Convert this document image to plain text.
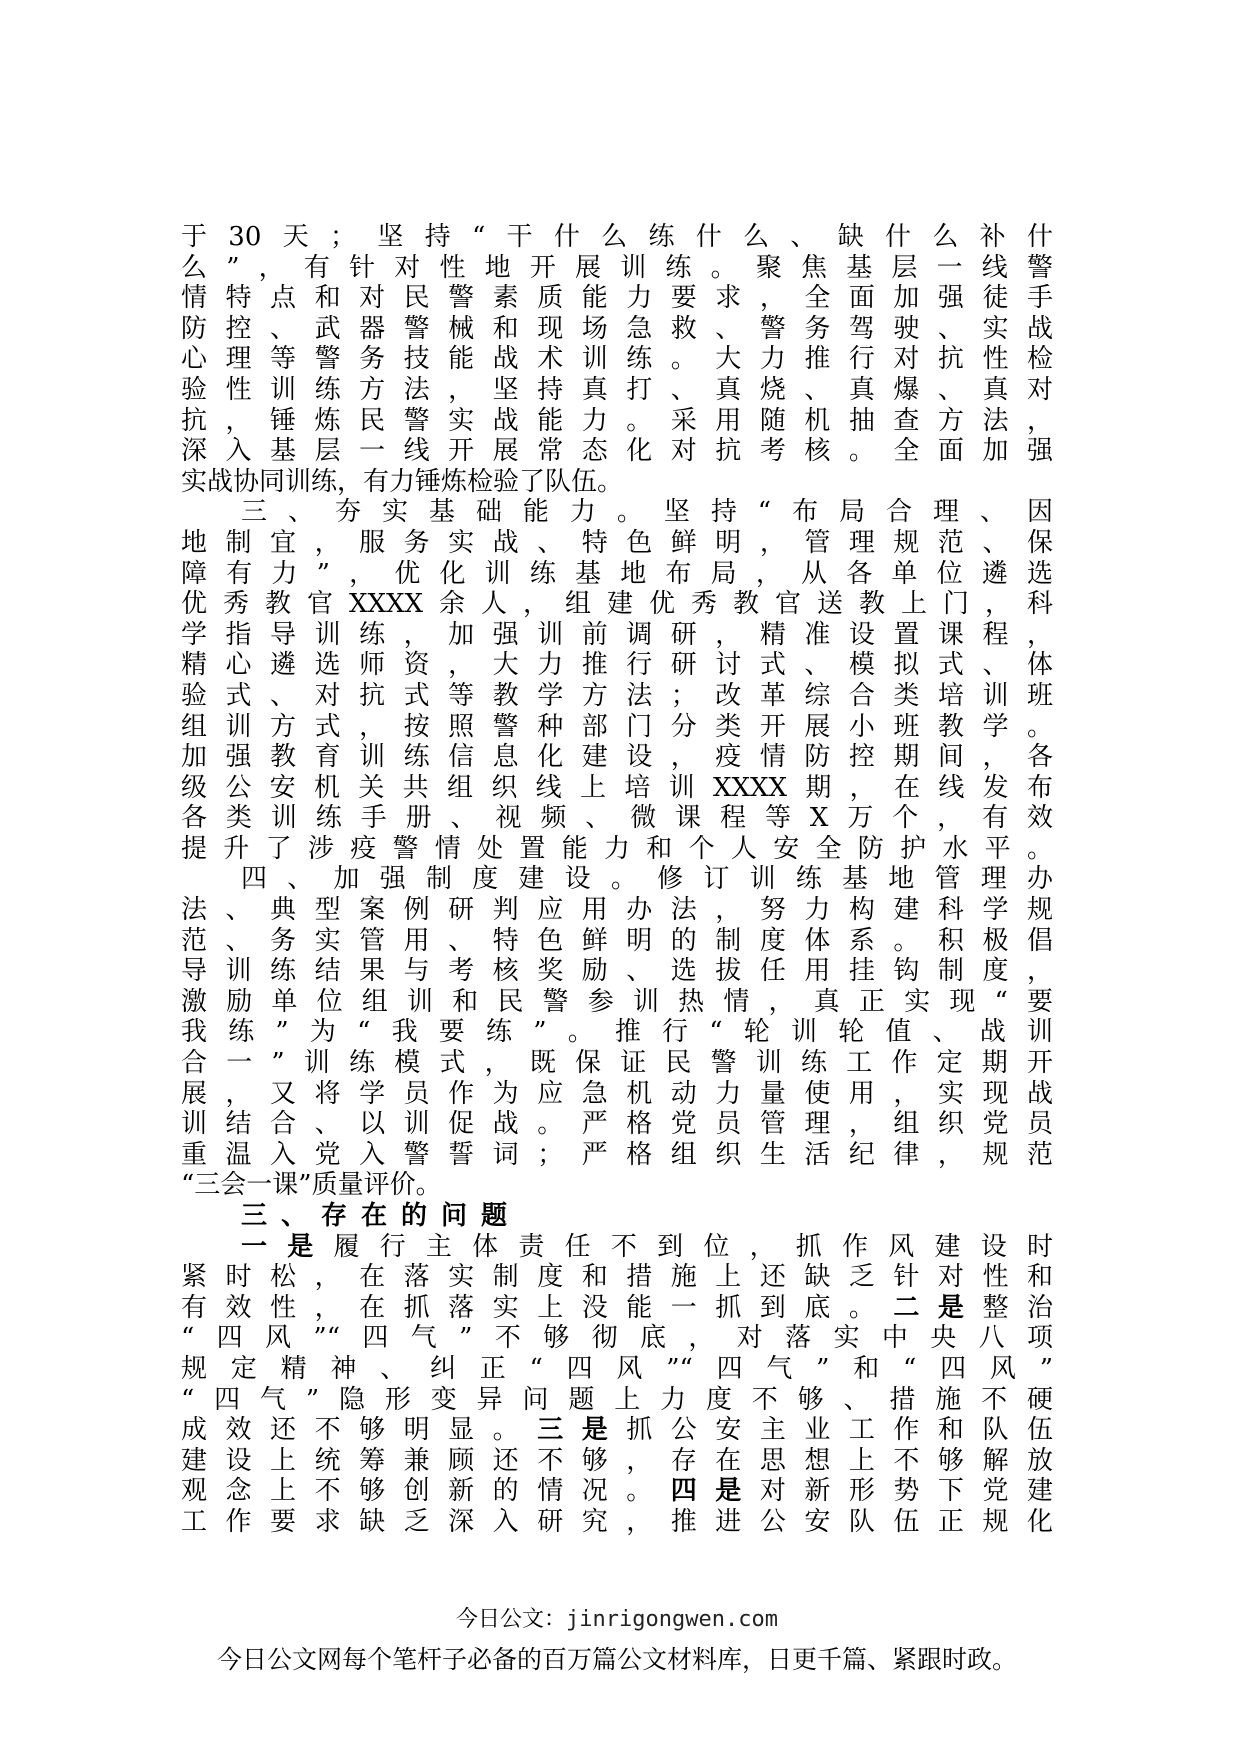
于30天；坚持“干什么练什么、缺什么补什
么”，有针对性地开展训练。聚焦基层一线警
情特点和对民警素质能力要求，全面加强徒手
防控、武器警械和现场急救、警务驾驶、实战
心理等警务技能战术训练。大力推行对抗性检
验性训练方法，坚持真打、真烧、真爆、真对
抗，锤炼民警实战能力。采用随机抽查方法，
深入基层一线开展常态化对抗考核。全面加强
实战协同训练，有力锤炼检验了队伍。
三、夯实基础能力。坚持“布局合理、因
地制宜，服务实战、特色鲜明，管理规范、保
障有力”，优化训练基地布局，从各单位遴选
优秀教官XXXX余人，组建优秀教官送教上门，科
学指导训练，加强训前调研，精准设置课程，
精心遴选师资，大力推行研讨式、模拟式、体
验式、对抗式等教学方法；改革综合类培训班
组训方式，按照警种部门分类开展小班教学。
加强教育训练信息化建设，疫情防控期间，各
级公安机关共组织线上培训XXXX期，在线发布
各类训练手册、视频、微课程等X万个，有效
提升了涉疫警情处置能力和个人安全防护水平。
四、加强制度建设。修订训练基地管理办
法、典型案例研判应用办法，努力构建科学规
范、务实管用、特色鲜明的制度体系。积极倡
导训练结果与考核奖励、选拔任用挂钩制度，
激励单位组训和民警参训热情，真正实现“要
我练”为“我要练”。推行“轮训轮值、战训
合一”训练模式，既保证民警训练工作定期开
展，又将学员作为应急机动力量使用，实现战
训结合、以训促战。严格党员管理，组织党员
重温入党入警誓词；严格组织生活纪律，规范
“三会一课”质量评价。
三、存在的问题
一是履行主体责任不到位，抓作风建设时
紧时松，在落实制度和措施上还缺乏针对性和
有效性，在抓落实上没能一抓到底。二是整治
“四风”“四气”不够彻底，对落实中央八项
规定精神、纠正“四风”“四气”和“四风”
“四气”隐形变异问题上力度不够、措施不硬
成效还不够明显。三是抓公安主业工作和队伍
建设上统筹兼顾还不够，存在思想上不够解放
观念上不够创新的情况。四是对新形势下党建
工作要求缺乏深入研究，推进公安队伍正规化
今日公文：jinrigongwen.com
今日公文网每个笔杆子必备的百万篇公文材料库，日更千篇、紧跟时政。
